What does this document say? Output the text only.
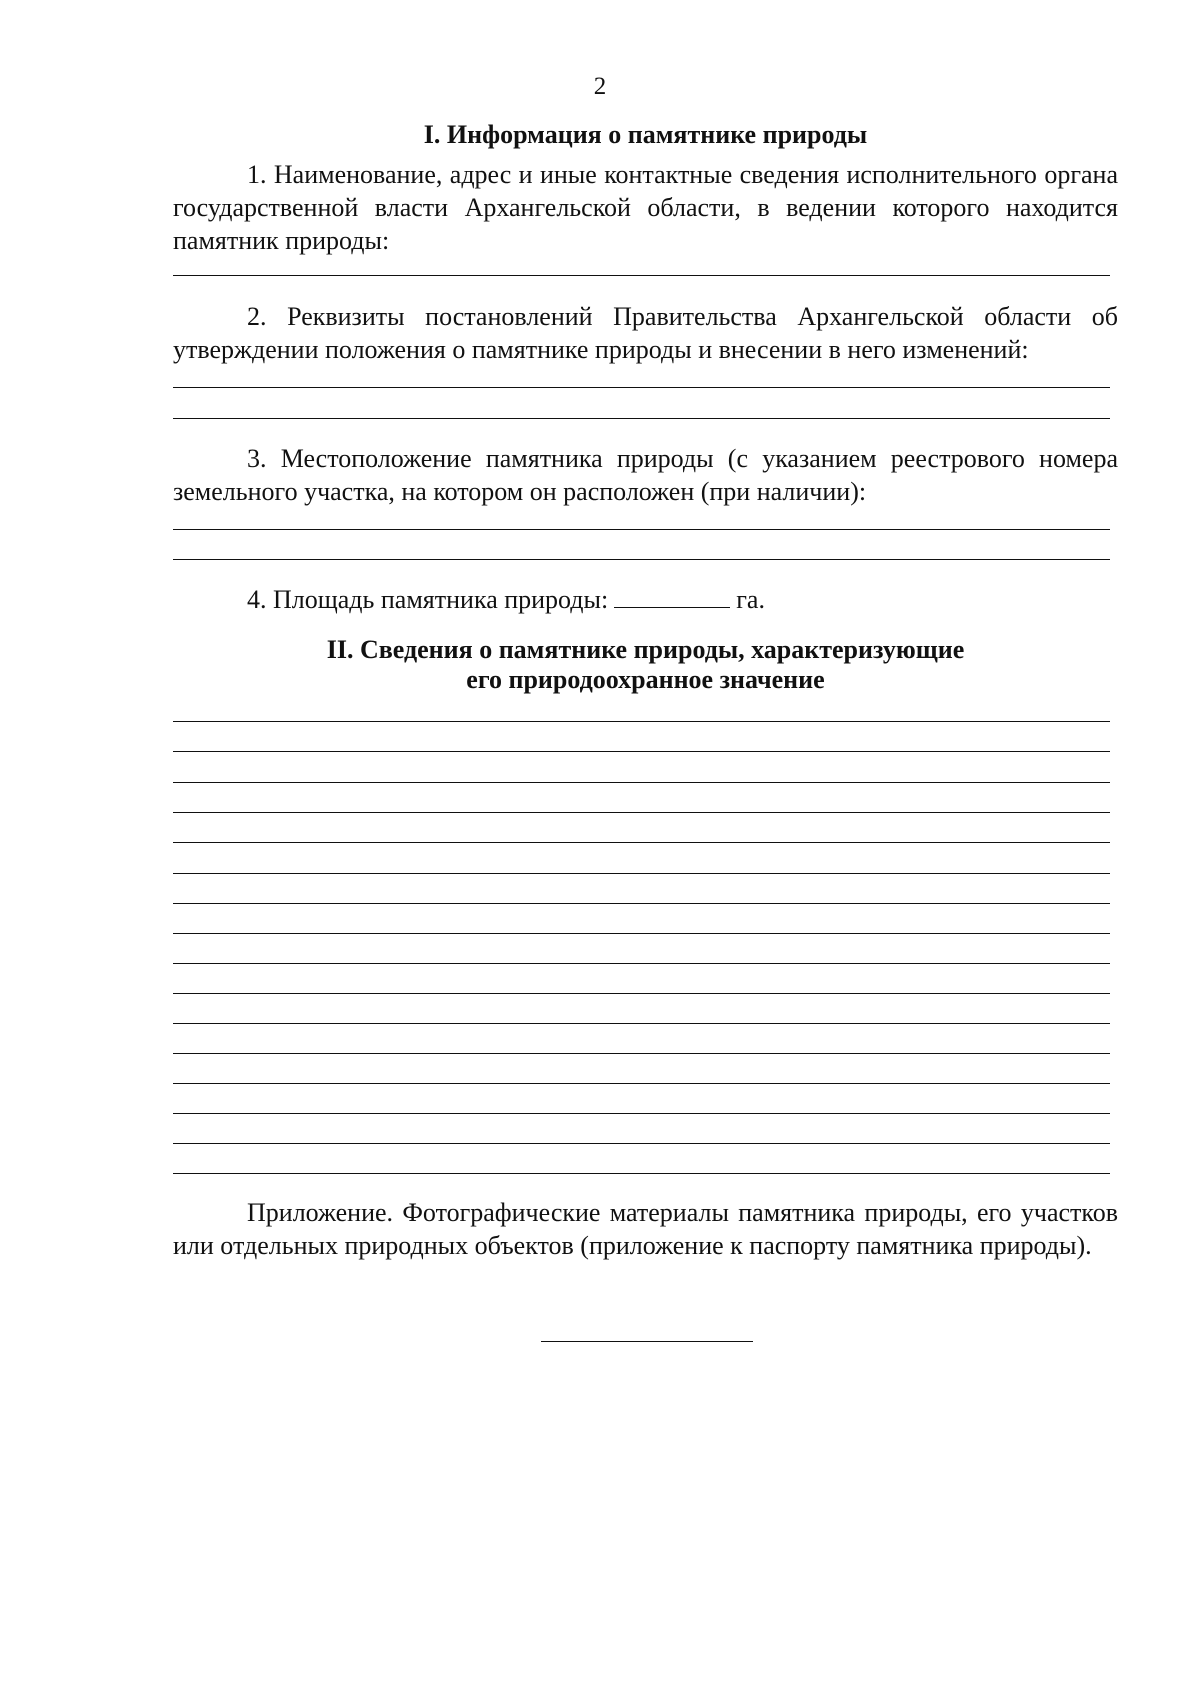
2
I. Информация о памятнике природы
1. Наименование, адрес и иные контактные сведения исполнительного органа государственной власти Архангельской области, в ведении которого находится памятник природы:
2. Реквизиты постановлений Правительства Архангельской области об утверждении положения о памятнике природы и внесении в него изменений:
3. Местоположение памятника природы (с указанием реестрового номера земельного участка, на котором он расположен (при наличии):
4. Площадь памятника природы:	га.
II. Сведения о памятнике природы, характеризующие
его природоохранное значение
Приложение. Фотографические материалы памятника природы, его участков или отдельных природных объектов (приложение к паспорту памятника природы).
